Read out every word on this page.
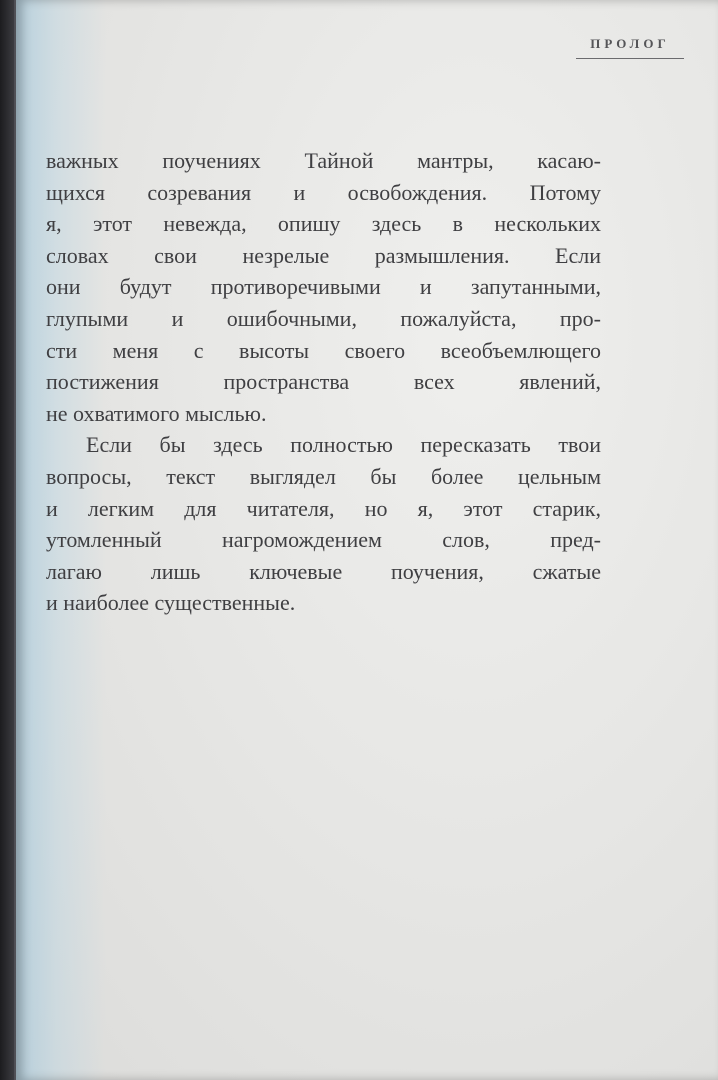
ПРОЛОГ
важных поучениях Тайной мантры, касаю-
щихся созревания и освобождения. Потому
я, этот невежда, опишу здесь в нескольких
словах свои незрелые размышления. Если
они будут противоречивыми и запутанными,
глупыми и ошибочными, пожалуйста, про-
сти меня с высоты своего всеобъемлющего
постижения пространства всех явлений,
не охватимого мыслью.
Если бы здесь полностью пересказать твои
вопросы, текст выглядел бы более цельным
и легким для читателя, но я, этот старик,
утомленный нагромождением слов, пред-
лагаю лишь ключевые поучения, сжатые
и наиболее существенные.
